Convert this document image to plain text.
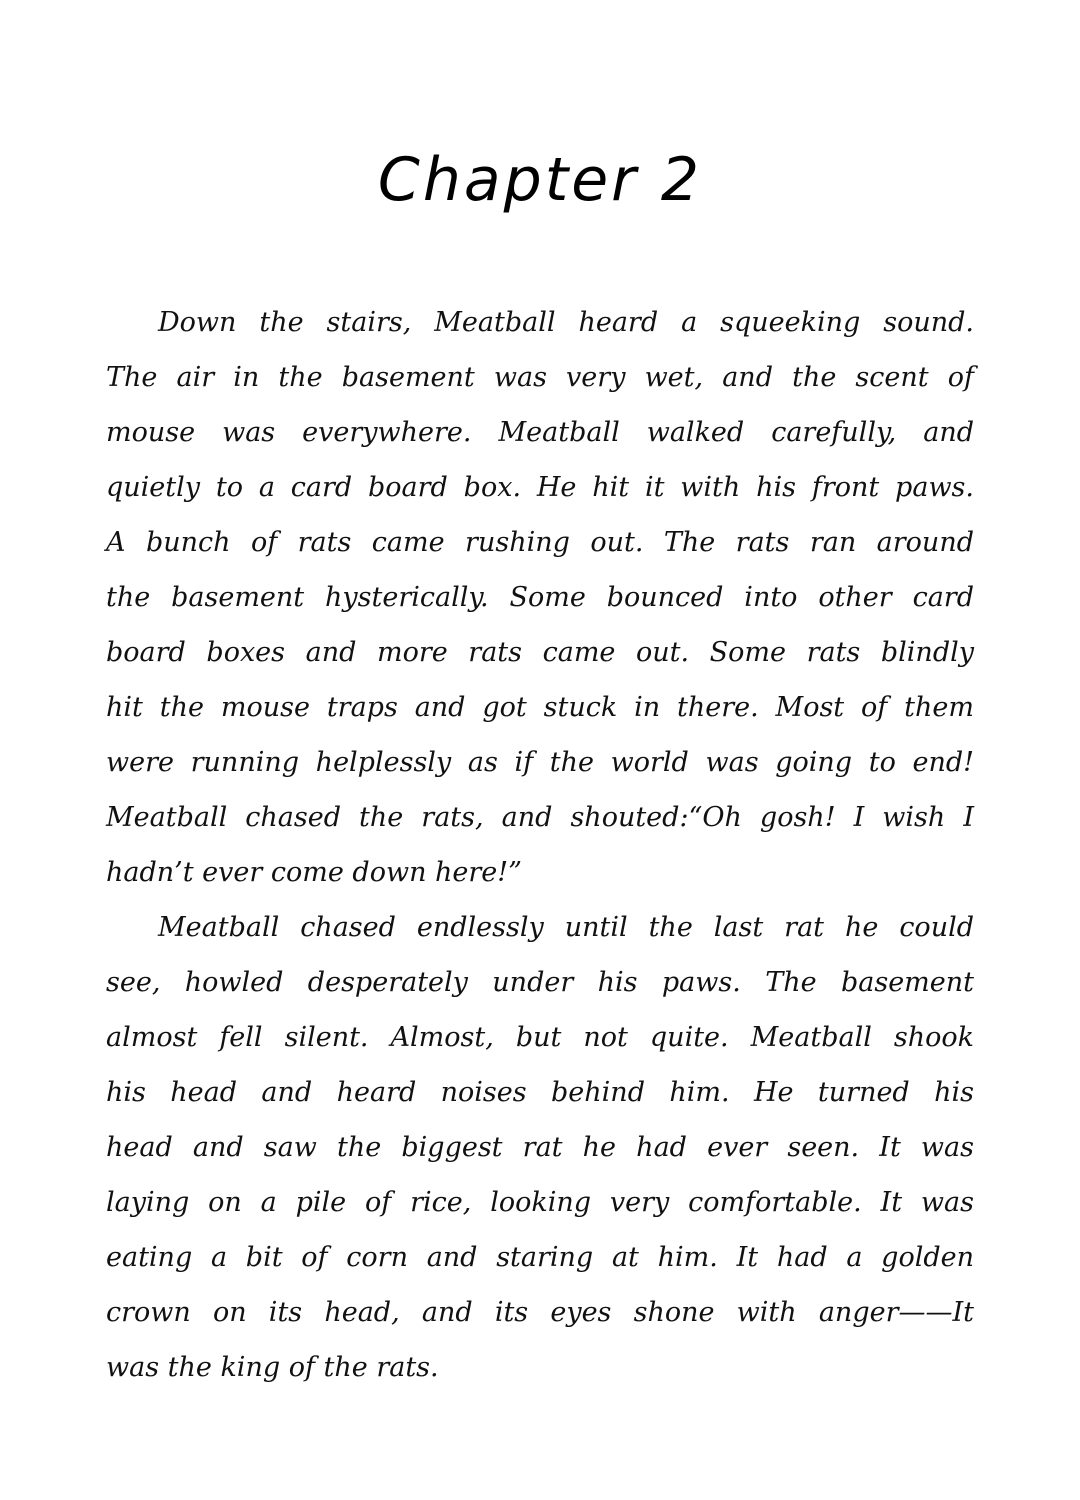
Chapter 2
Down the stairs, Meatball heard a squeeking sound.
The air in the basement was very wet, and the scent of
mouse was everywhere. Meatball walked carefully, and
quietly to a card board box. He hit it with his front paws.
A bunch of rats came rushing out. The rats ran around
the basement hysterically. Some bounced into other card
board boxes and more rats came out. Some rats blindly
hit the mouse traps and got stuck in there. Most of them
were running helplessly as if the world was going to end!
Meatball chased the rats, and shouted:“Oh gosh! I wish I
hadn’t ever come down here!”
Meatball chased endlessly until the last rat he could
see, howled desperately under his paws. The basement
almost fell silent. Almost, but not quite. Meatball shook
his head and heard noises behind him. He turned his
head and saw the biggest rat he had ever seen. It was
laying on a pile of rice, looking very comfortable. It was
eating a bit of corn and staring at him. It had a golden
crown on its head, and its eyes shone with anger——It
was the king of the rats.
